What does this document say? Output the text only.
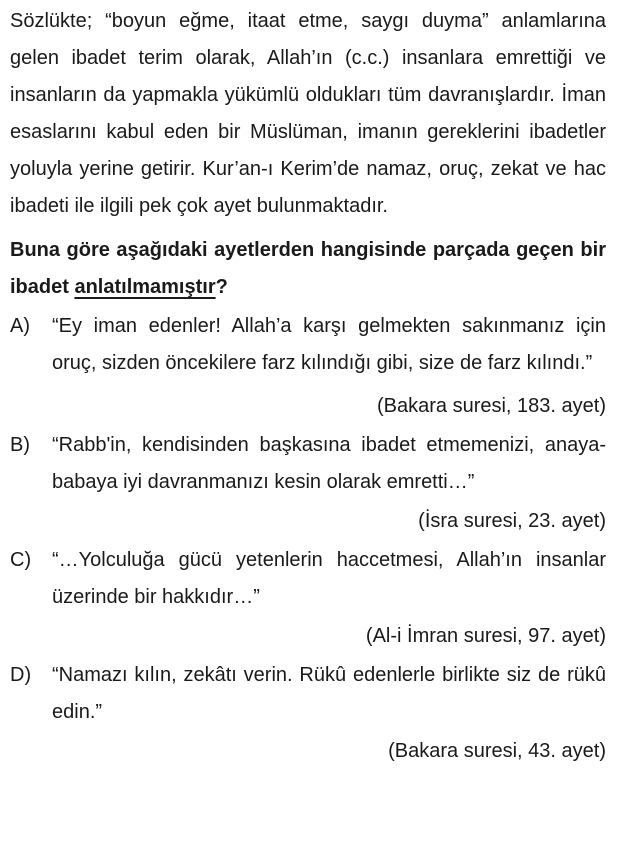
Sözlükte; “boyun eğme, itaat etme, saygı duyma” anlamlarına gelen ibadet terim olarak, Allah’ın (c.c.) insanlara emrettiği ve insanların da yapmakla yükümlü oldukları tüm davranışlardır. İman esaslarını kabul eden bir Müslüman, imanın gereklerini ibadetler yoluyla yerine getirir. Kur’an-ı Kerim’de namaz, oruç, zekat ve hac ibadeti ile ilgili pek çok ayet bulunmaktadır.

Buna göre aşağıdaki ayetlerden hangisinde parçada geçen bir ibadet anlatılmamıştır?

A) “Ey iman edenler! Allah’a karşı gelmekten sakınmanız için oruç, sizden öncekilere farz kılındığı gibi, size de farz kılındı.”

(Bakara suresi, 183. ayet)

B) “Rabb'in, kendisinden başkasına ibadet etmemenizi, anaya-babaya iyi davranmanızı kesin olarak emretti…”

(İsra suresi, 23. ayet)

C) “…Yolculuğa gücü yetenlerin haccetmesi, Allah’ın insanlar üzerinde bir hakkıdır…”

(Al-i İmran suresi, 97. ayet)

D) “Namazı kılın, zekâtı verin. Rükû edenlerle birlikte siz de rükû edin.”

(Bakara suresi, 43. ayet)
